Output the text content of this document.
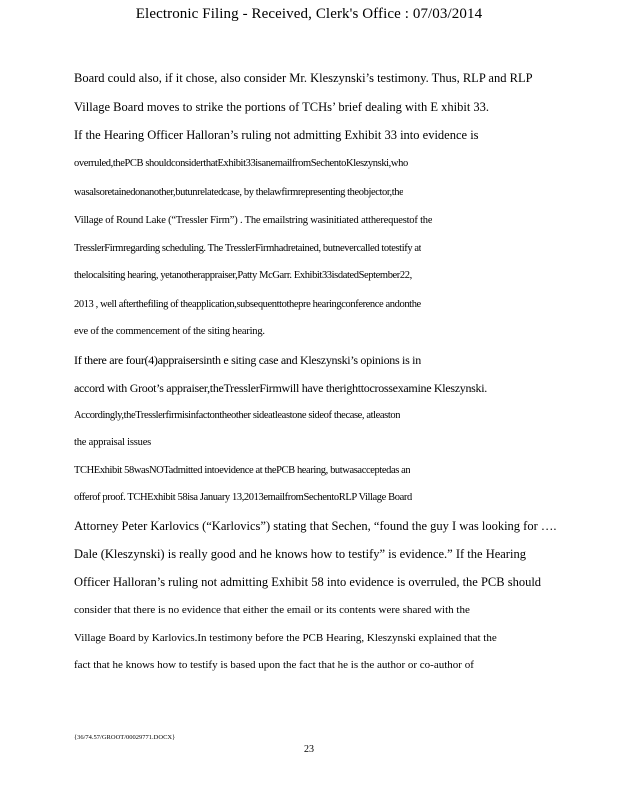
Electronic Filing - Received, Clerk's Office : 07/03/2014
Board could also, if it chose, also consider Mr. Kleszynski’s testimony. Thus, RLP and RLP
Village Board moves to strike the portions of TCHs’ brief dealing with E xhibit 33.
If the Hearing Officer Halloran’s ruling not admitting Exhibit 33 into evidence is
overruled,thePCB shouldconsiderthatExhibit33isanemailfromSechentoKleszynski,who
wasalsoretainedonanother,butunrelatedcase, by thelawfirmrepresenting theobjector,the
Village of Round Lake (“Tressler Firm”) . The emailstring wasinitiated attherequestof the
TresslerFirmregarding scheduling. The TresslerFirmhadretained, butnevercalled totestify at
thelocalsiting hearing, yetanotherappraiser,Patty McGarr. Exhibit33isdatedSeptember22,
2013 , well afterthefiling of theapplication,subsequenttothepre hearingconference andonthe
eve of the commencement of the siting hearing.
If there are four(4)appraisersinth e siting case and Kleszynski’s opinions is in
accord with Groot’s appraiser,theTresslerFirmwill have therighttocrossexamine Kleszynski.
Accordingly,theTresslerfirmisinfactontheother sideatleastone sideof thecase, atleaston
the appraisal issues
TCHExhibit 58wasNOTadmitted intoevidence at thePCB hearing, butwasacceptedas an
offerof proof. TCHExhibit 58isa January 13,2013emailfromSechentoRLP Village Board
Attorney Peter Karlovics (“Karlovics”) stating that Sechen, “found the guy I was looking for ….
Dale (Kleszynski) is really good and he knows how to testify” is evidence.” If the Hearing
Officer Halloran’s ruling not admitting Exhibit 58 into evidence is overruled, the PCB should
consider that there is no evidence that either the email or its contents were shared with the
Village Board by Karlovics.In testimony before the PCB Hearing, Kleszynski explained that the
fact that he knows how to testify is based upon the fact that he is the author or co-author of
{36/74.57/GROOT/00029771.DOCX}
23
